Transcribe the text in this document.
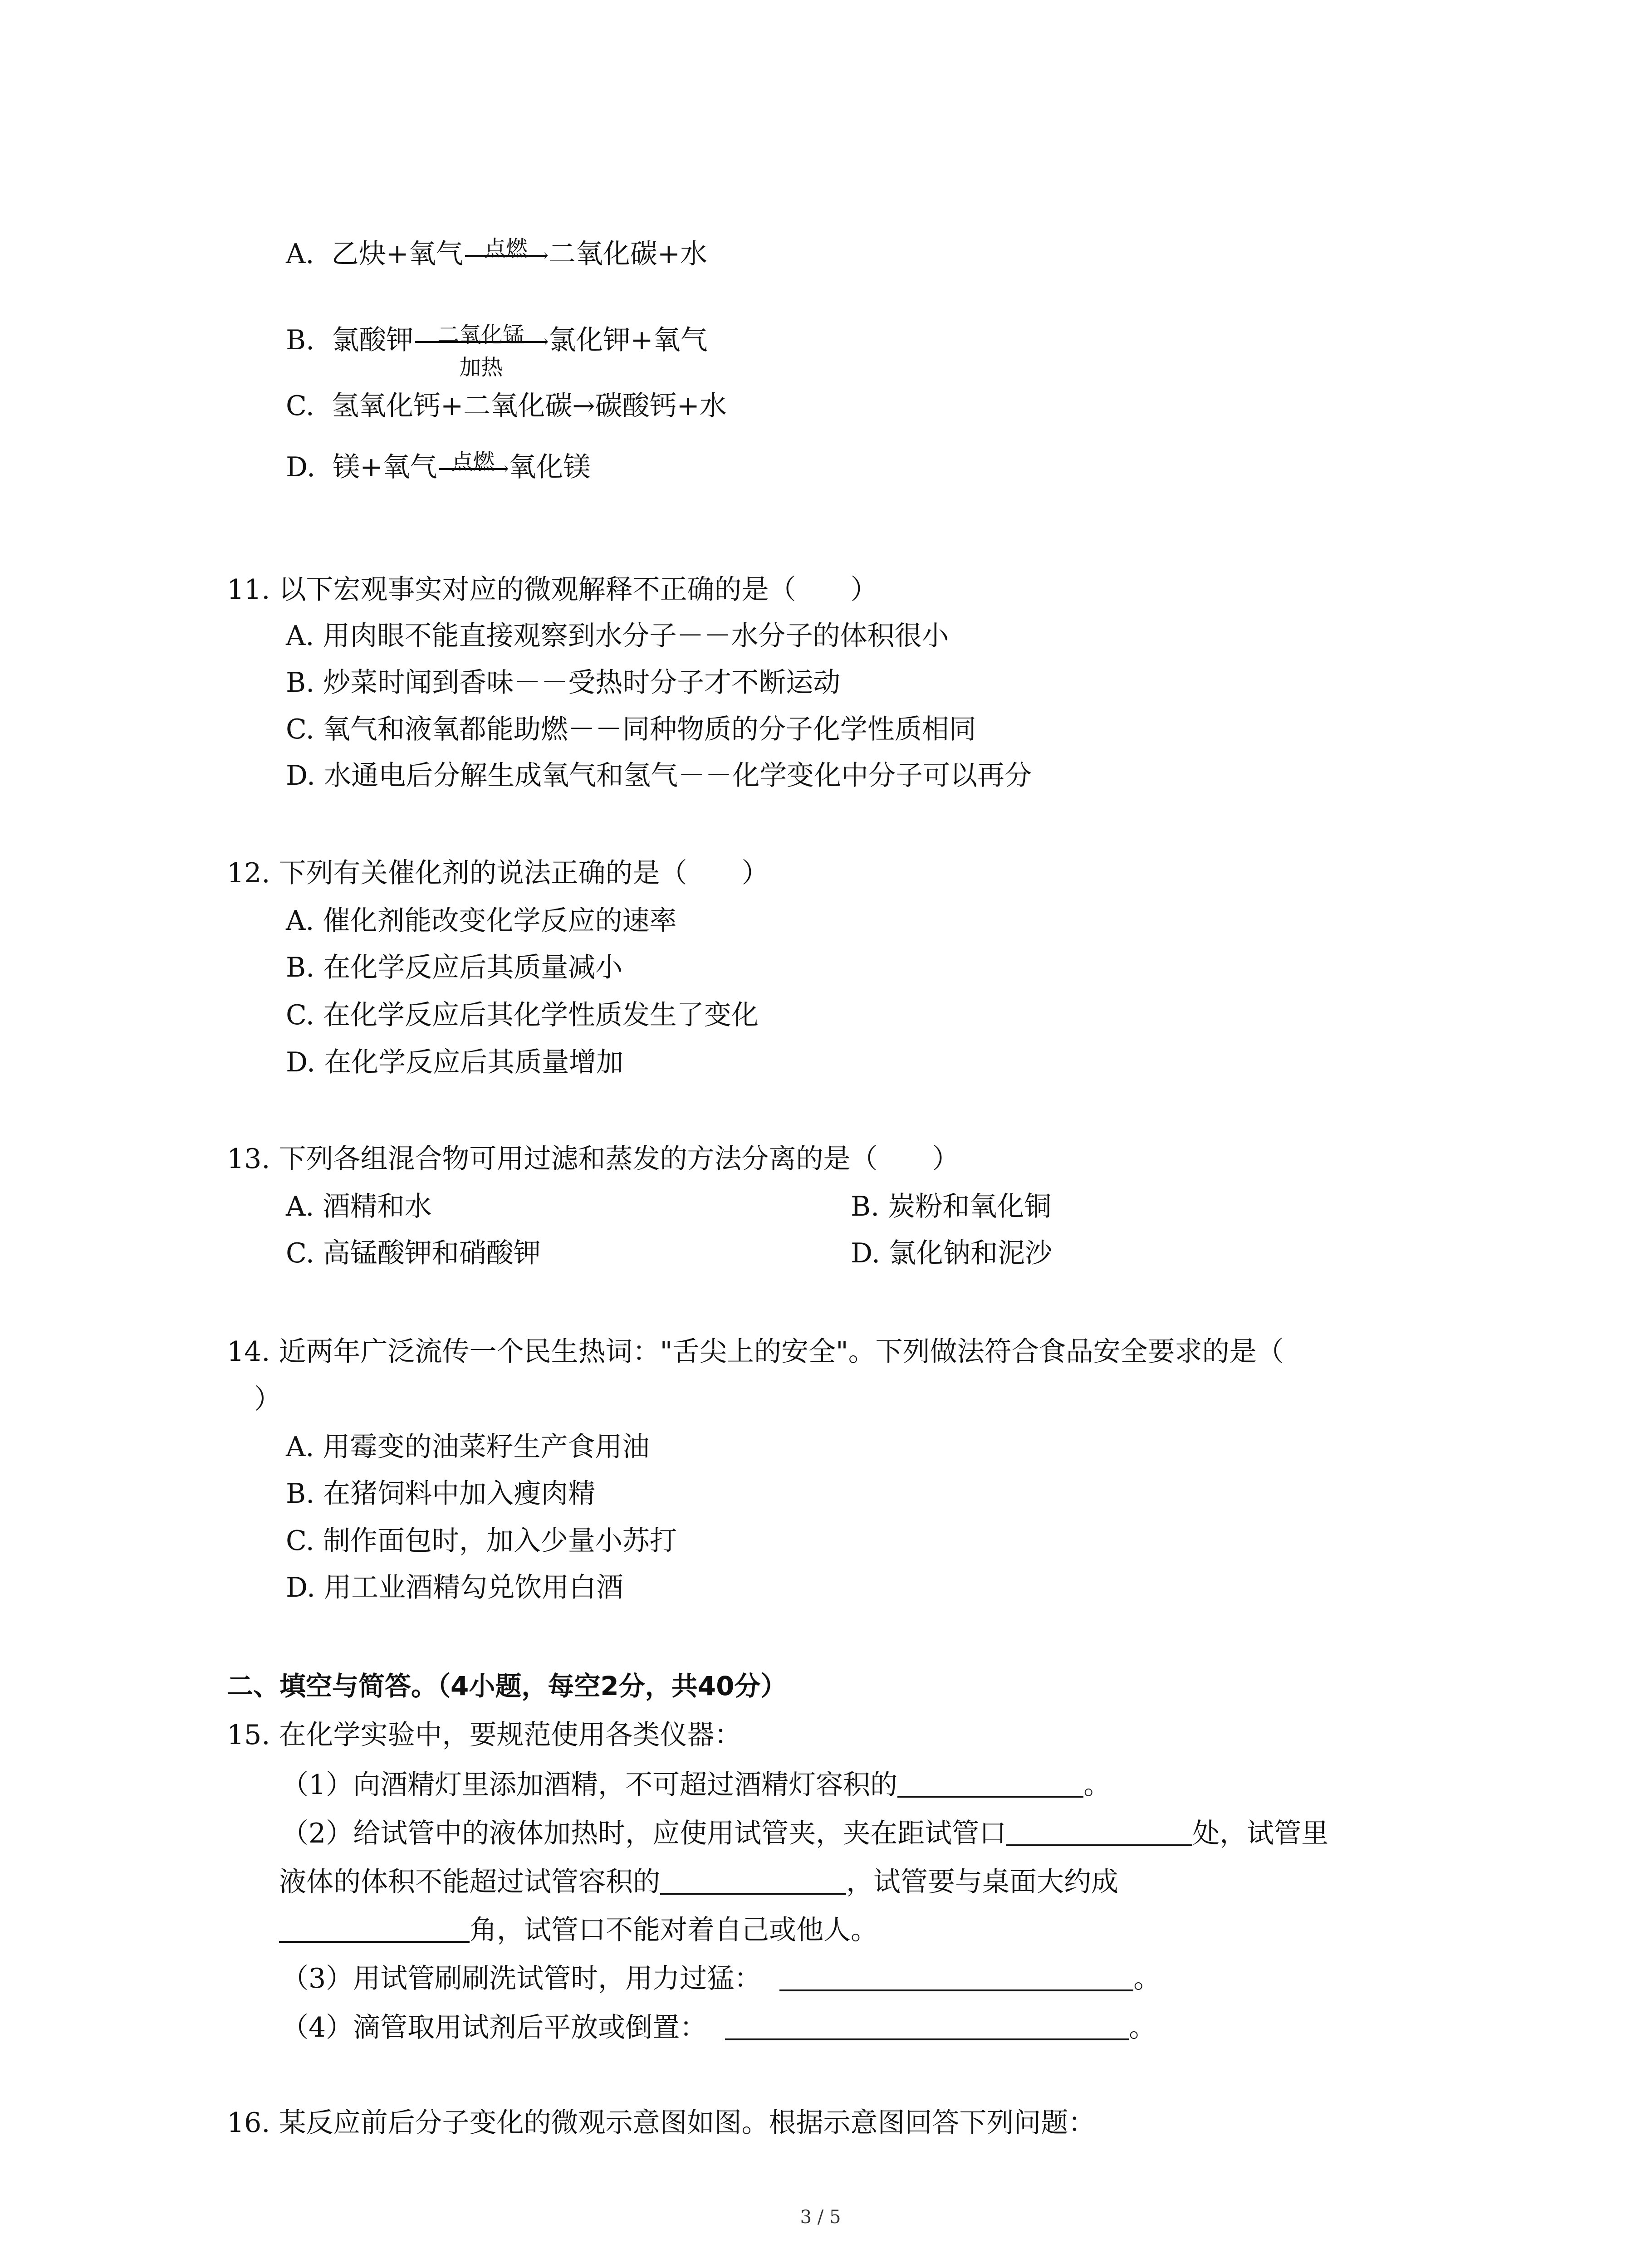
A. 乙炔+氧气 点燃 → 二氧化碳+水
B. 氯酸钾	二氧化锰 →
加热
氯化钾+氧气
C. 氢氧化钙+二氧化碳→碳酸钙+水
D. 镁+氧气 点燃 → 氧化镁
11. 以下宏观事实对应的微观解释不正确的是（　　）
A. 用肉眼不能直接观察到水分子－－水分子的体积很小
B. 炒菜时闻到香味－－受热时分子才不断运动
C. 氧气和液氧都能助燃－－同种物质的分子化学性质相同
D. 水通电后分解生成氧气和氢气－－化学变化中分子可以再分
12. 下列有关催化剂的说法正确的是（　　）
A. 催化剂能改变化学反应的速率
B. 在化学反应后其质量减小
C. 在化学反应后其化学性质发生了变化
D. 在化学反应后其质量增加
13. 下列各组混合物可用过滤和蒸发的方法分离的是（　　）
A. 酒精和水	B. 炭粉和氧化铜
C. 高锰酸钾和硝酸钾	D. 氯化钠和泥沙
14. 近两年广泛流传一个民生热词："舌尖上的安全"。下列做法符合食品安全要求的是（
）
A. 用霉变的油菜籽生产食用油
B. 在猪饲料中加入瘦肉精
C. 制作面包时，加入少量小苏打
D. 用工业酒精勾兑饮用白酒
二、填空与简答。（4小题，每空2分，共40分）
15. 在化学实验中，要规范使用各类仪器：
（1）向酒精灯里添加酒精，不可超过酒精灯容积的	。
（2）给试管中的液体加热时，应使用试管夹，夹在距试管口	处，试管里
液体的体积不能超过试管容积的	，试管要与桌面大约成
角，试管口不能对着自己或他人。
（3）用试管刷刷洗试管时，用力过猛：	。
（4）滴管取用试剂后平放或倒置：	。
16. 某反应前后分子变化的微观示意图如图。根据示意图回答下列问题：
3 / 5
